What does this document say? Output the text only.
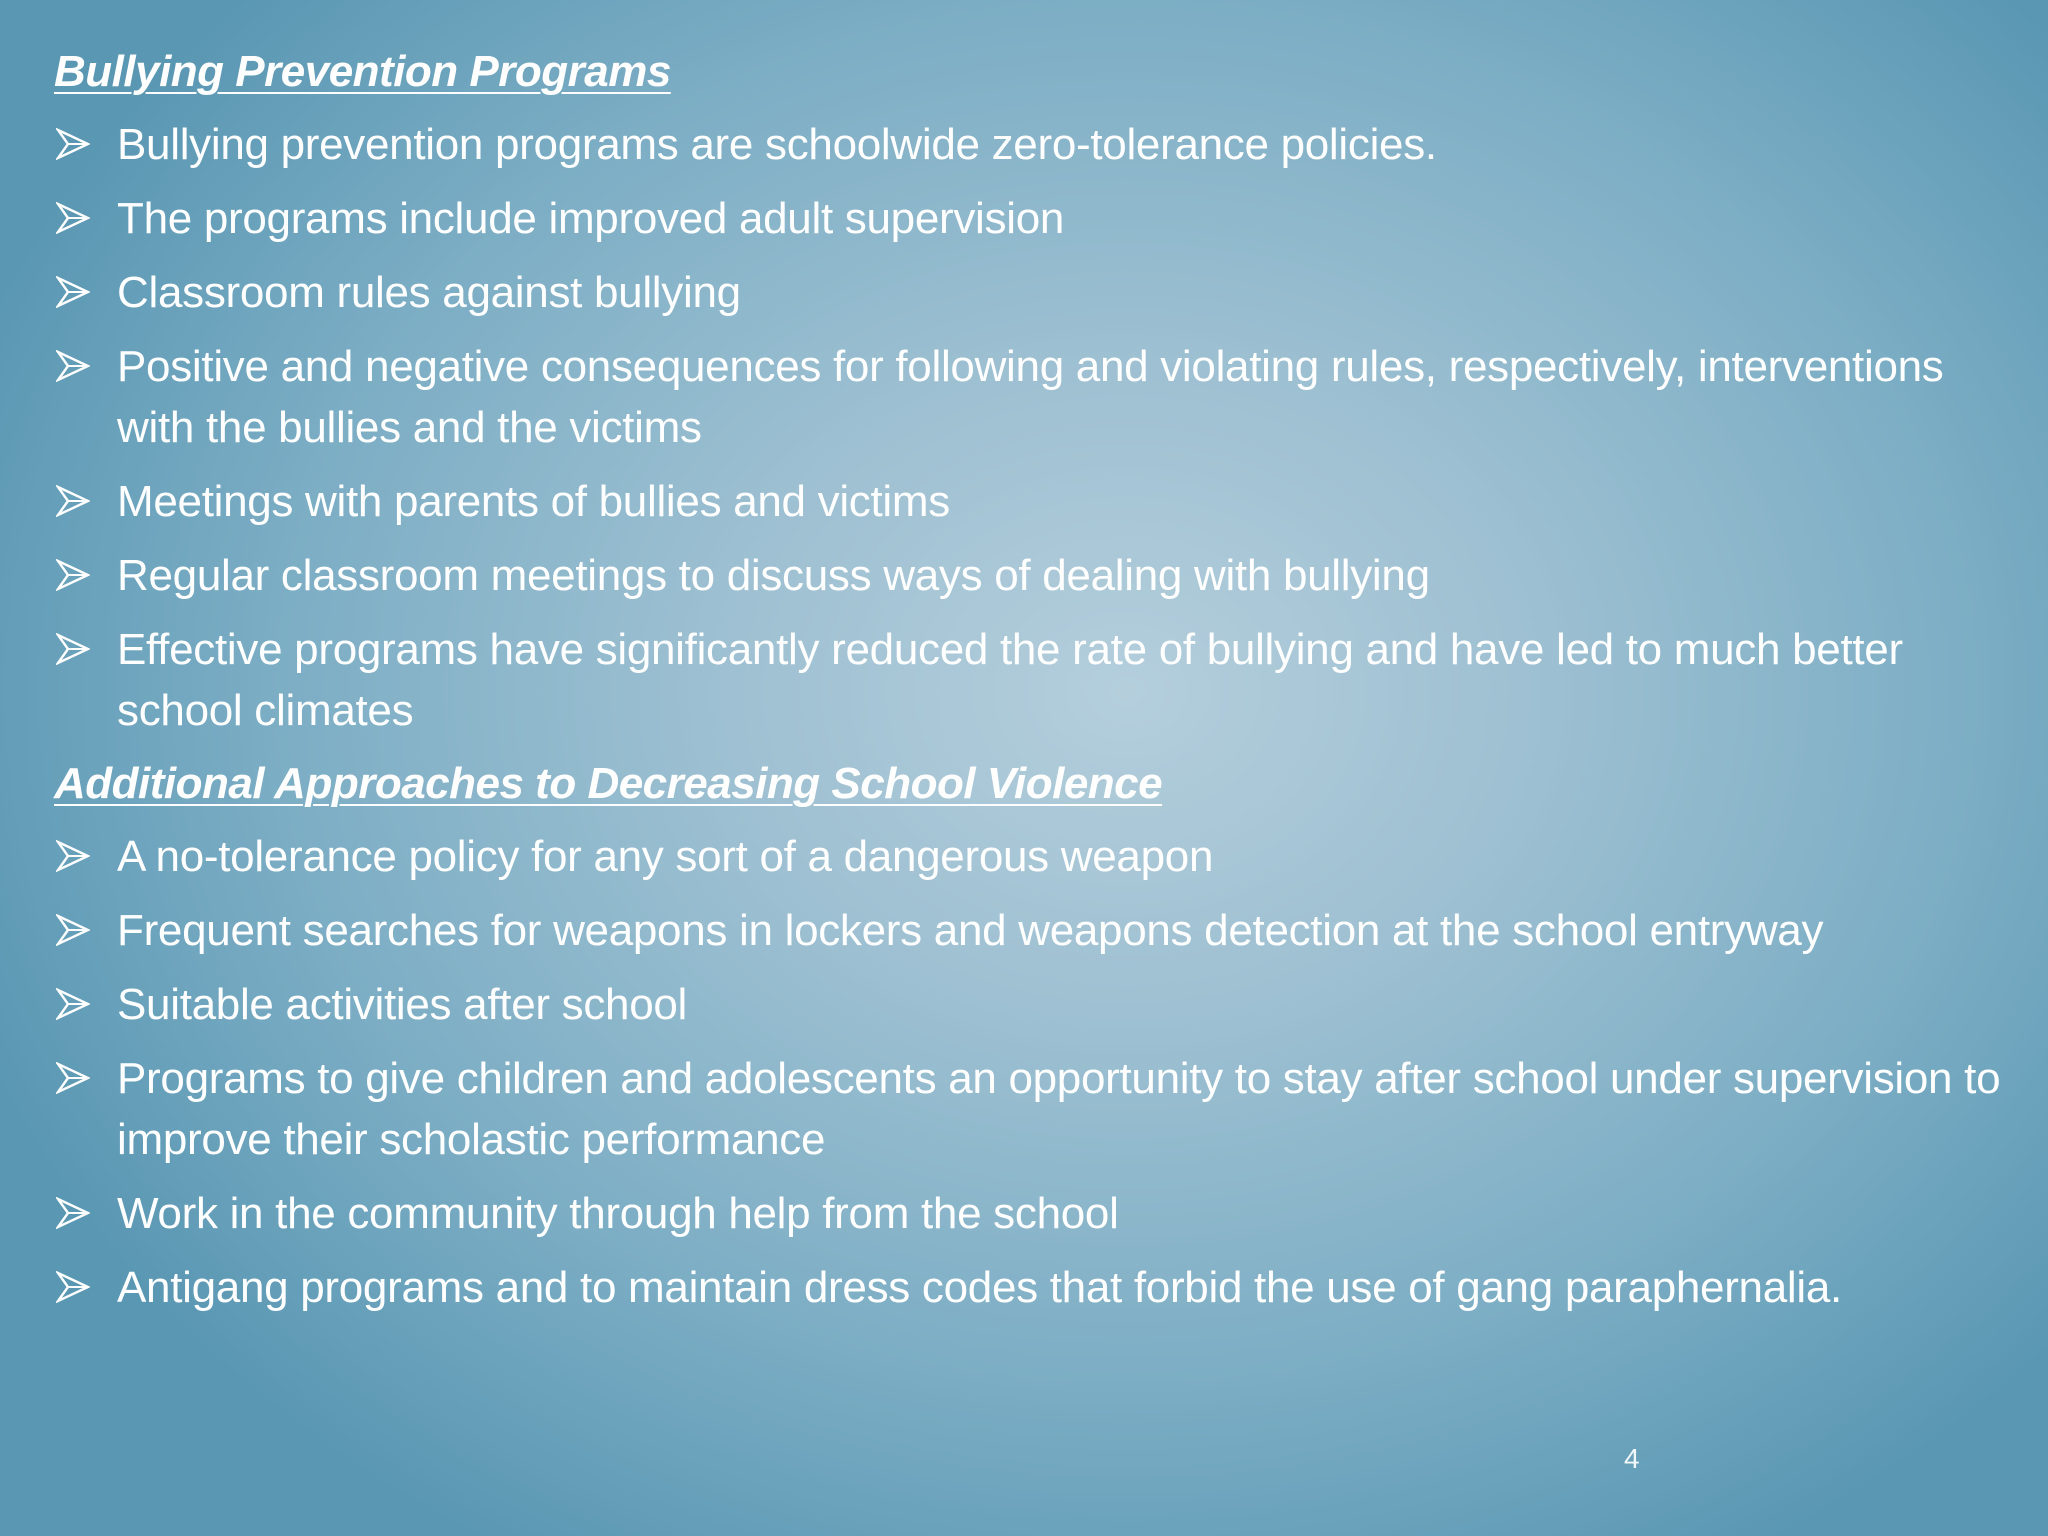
Bullying Prevention Programs
Bullying prevention programs are schoolwide zero-tolerance policies.
The programs include improved adult supervision
Classroom rules against bullying
Positive and negative consequences for following and violating rules, respectively, interventions with the bullies and the victims
Meetings with parents of bullies and victims
Regular classroom meetings to discuss ways of dealing with bullying
Effective programs have significantly reduced the rate of bullying and have led to much better school climates
Additional Approaches to Decreasing School Violence
A no-tolerance policy for any sort of a dangerous weapon
Frequent searches for weapons in lockers and weapons detection at the school entryway
Suitable activities after school
Programs to give children and adolescents an opportunity to stay after school under supervision to improve their scholastic performance
Work in the community through help from the school
Antigang programs and to maintain dress codes that forbid the use of gang paraphernalia.
4
